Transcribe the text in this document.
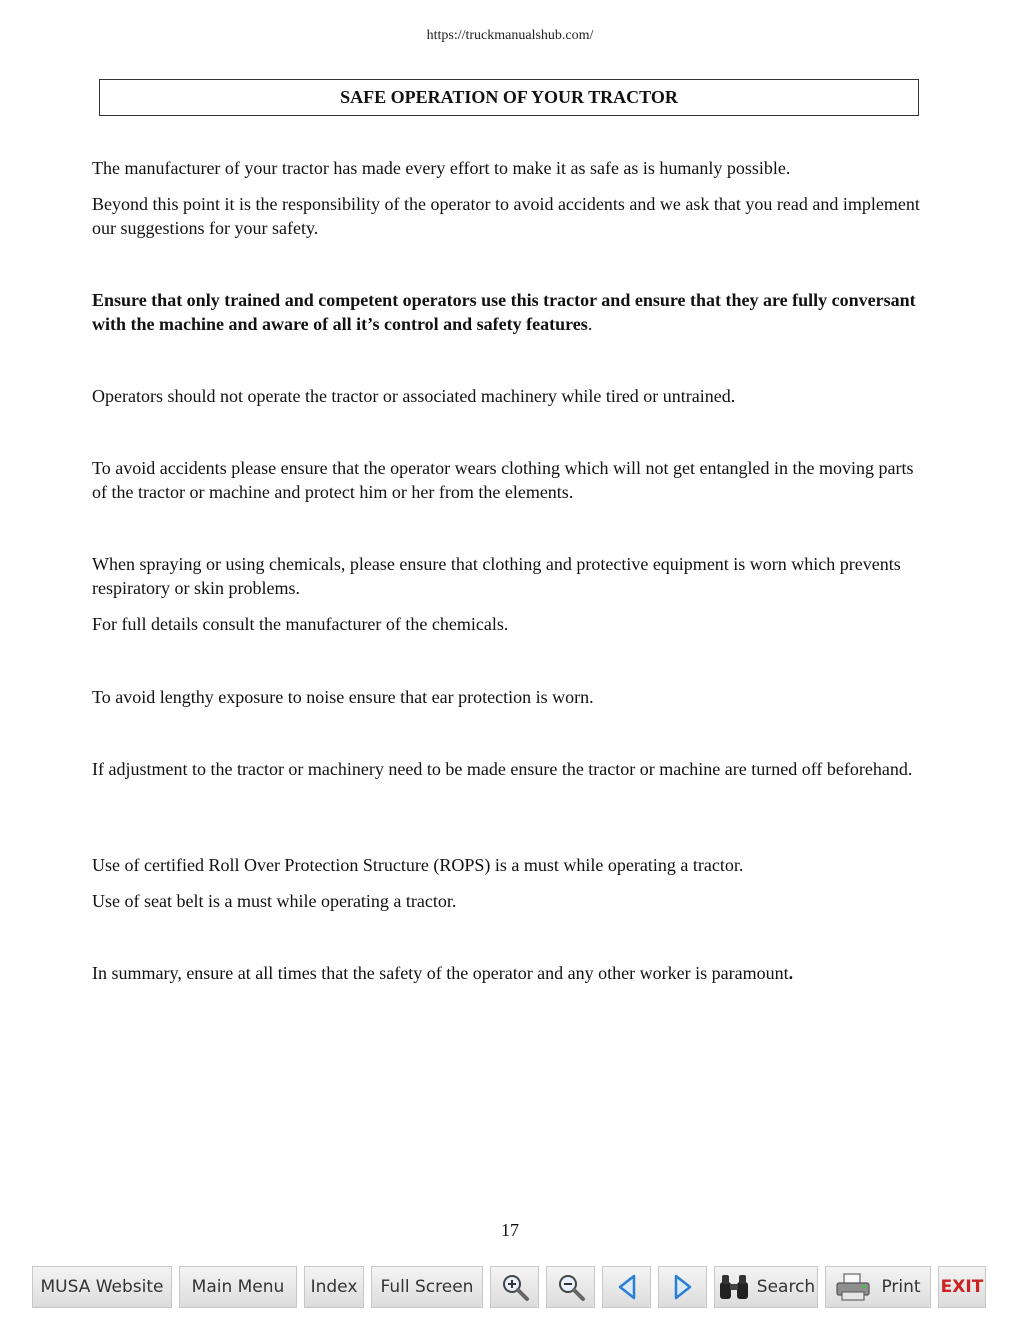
https://truckmanualshub.com/
SAFE OPERATION OF YOUR TRACTOR

The manufacturer of your tractor has made every effort to make it as safe as is humanly possible.

Beyond this point it is the responsibility of the operator to avoid accidents and we ask that you read and implement our suggestions for your safety.

Ensure that only trained and competent operators use this tractor and ensure that they are fully conversant with the machine and aware of all it’s control and safety features.

Operators should not operate the tractor or associated machinery while tired or untrained.

To avoid accidents please ensure that the operator wears clothing which will not get entangled in the moving parts of the tractor or machine and protect him or her from the elements.

When spraying or using chemicals, please ensure that clothing and protective equipment is worn which prevents respiratory or skin problems.

For full details consult the manufacturer of the chemicals.

To avoid lengthy exposure to noise ensure that ear protection is worn.

If adjustment to the tractor or machinery need to be made ensure the tractor or machine are turned off beforehand.

Use of certified Roll Over Protection Structure (ROPS) is a must while operating a tractor.

Use of seat belt is a must while operating a tractor.

In summary, ensure at all times that the safety of the operator and any other worker is paramount.

17
MUSA Website Main Menu Index Full Screen	Search	Print EXIT
